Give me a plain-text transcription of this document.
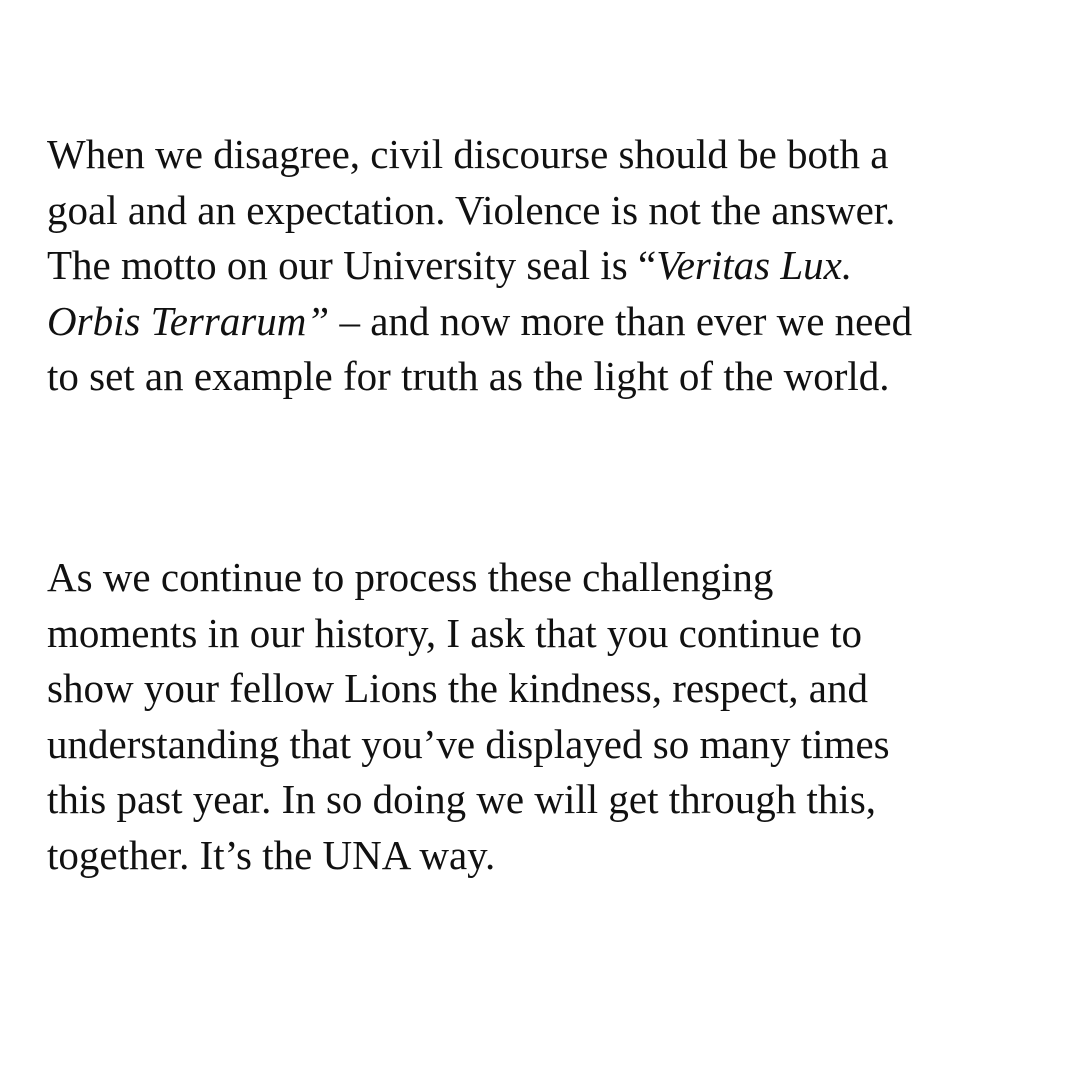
When we disagree, civil discourse should be both a
goal and an expectation. Violence is not the answer.
The motto on our University seal is “Veritas Lux.
Orbis Terrarum” – and now more than ever we need
to set an example for truth as the light of the world.

As we continue to process these challenging
moments in our history, I ask that you continue to
show your fellow Lions the kindness, respect, and
understanding that you’ve displayed so many times
this past year. In so doing we will get through this,
together. It’s the UNA way.
